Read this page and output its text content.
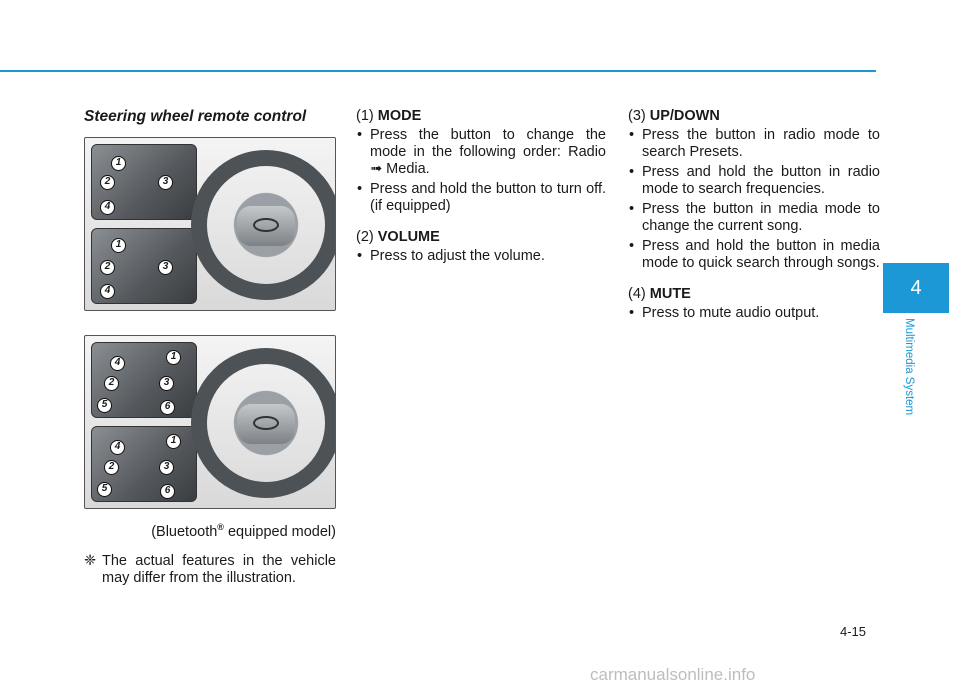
Steering wheel remote control
1
2	3
4
1
2	3
4
4
1
2	3
5	6
4
1
2	3
5	6
(Bluetooth® equipped model)
❈ The actual features in the vehicle may differ from the illustration.
(1) MODE
• Press the button to change the mode in the following order: Radio ➟ Media.
• Press and hold the button to turn off. (if equipped)
(2) VOLUME
• Press to adjust the volume.
(3) UP/DOWN
• Press the button in radio mode to search Presets.
• Press and hold the button in radio mode to search frequencies.
• Press the button in media mode to change the current song.
• Press and hold the button in media mode to quick search through songs.
(4) MUTE
• Press to mute audio output.
4
Multimedia System
4-15
carmanualsonline.info
